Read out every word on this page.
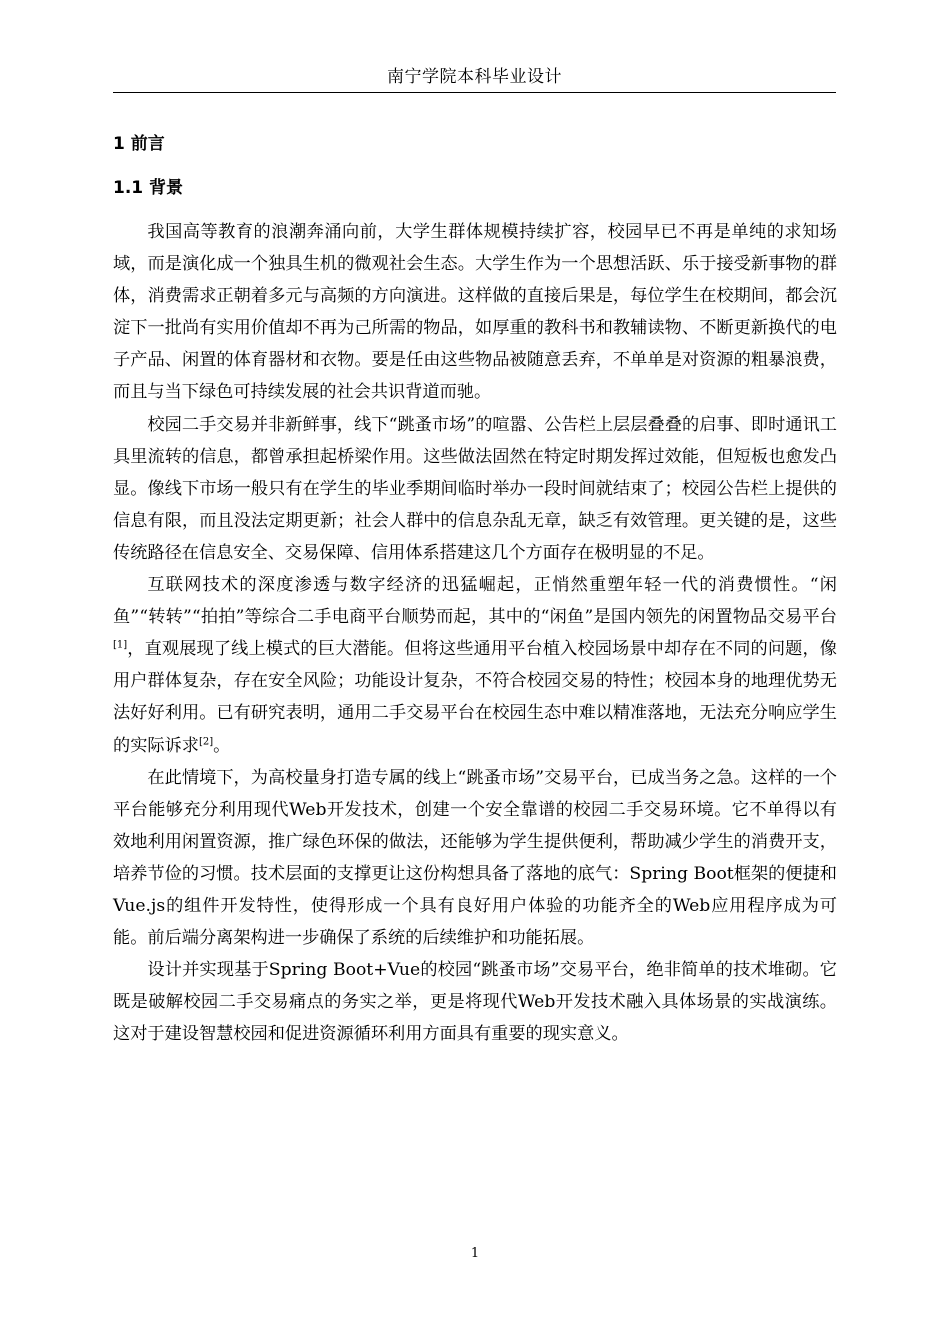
南宁学院本科毕业设计
1 前言
1.1 背景

我国高等教育的浪潮奔涌向前，大学生群体规模持续扩容，校园早已不再是单纯的求知场域，而是演化成一个独具生机的微观社会生态。大学生作为一个思想活跃、乐于接受新事物的群体，消费需求正朝着多元与高频的方向演进。这样做的直接后果是，每位学生在校期间，都会沉淀下一批尚有实用价值却不再为己所需的物品，如厚重的教科书和教辅读物、不断更新换代的电子产品、闲置的体育器材和衣物。要是任由这些物品被随意丢弃，不单单是对资源的粗暴浪费，而且与当下绿色可持续发展的社会共识背道而驰。

校园二手交易并非新鲜事，线下“跳蚤市场”的喧嚣、公告栏上层层叠叠的启事、即时通讯工具里流转的信息，都曾承担起桥梁作用。这些做法固然在特定时期发挥过效能，但短板也愈发凸显。像线下市场一般只有在学生的毕业季期间临时举办一段时间就结束了；校园公告栏上提供的信息有限，而且没法定期更新；社会人群中的信息杂乱无章，缺乏有效管理。更关键的是，这些传统路径在信息安全、交易保障、信用体系搭建这几个方面存在极明显的不足。

互联网技术的深度渗透与数字经济的迅猛崛起，正悄然重塑年轻一代的消费惯性。“闲鱼”“转转”“拍拍”等综合二手电商平台顺势而起，其中的“闲鱼”是国内领先的闲置物品交易平台[1]，直观展现了线上模式的巨大潜能。但将这些通用平台植入校园场景中却存在不同的问题，像用户群体复杂，存在安全风险；功能设计复杂，不符合校园交易的特性；校园本身的地理优势无法好好利用。已有研究表明，通用二手交易平台在校园生态中难以精准落地，无法充分响应学生的实际诉求[2]。

在此情境下，为高校量身打造专属的线上“跳蚤市场”交易平台，已成当务之急。这样的一个平台能够充分利用现代Web开发技术，创建一个安全靠谱的校园二手交易环境。它不单得以有效地利用闲置资源，推广绿色环保的做法，还能够为学生提供便利，帮助减少学生的消费开支，培养节俭的习惯。技术层面的支撑更让这份构想具备了落地的底气：Spring Boot框架的便捷和Vue.js的组件开发特性，使得形成一个具有良好用户体验的功能齐全的Web应用程序成为可能。前后端分离架构进一步确保了系统的后续维护和功能拓展。

设计并实现基于Spring Boot+Vue的校园“跳蚤市场”交易平台，绝非简单的技术堆砌。它既是破解校园二手交易痛点的务实之举，更是将现代Web开发技术融入具体场景的实战演练。这对于建设智慧校园和促进资源循环利用方面具有重要的现实意义。

1
